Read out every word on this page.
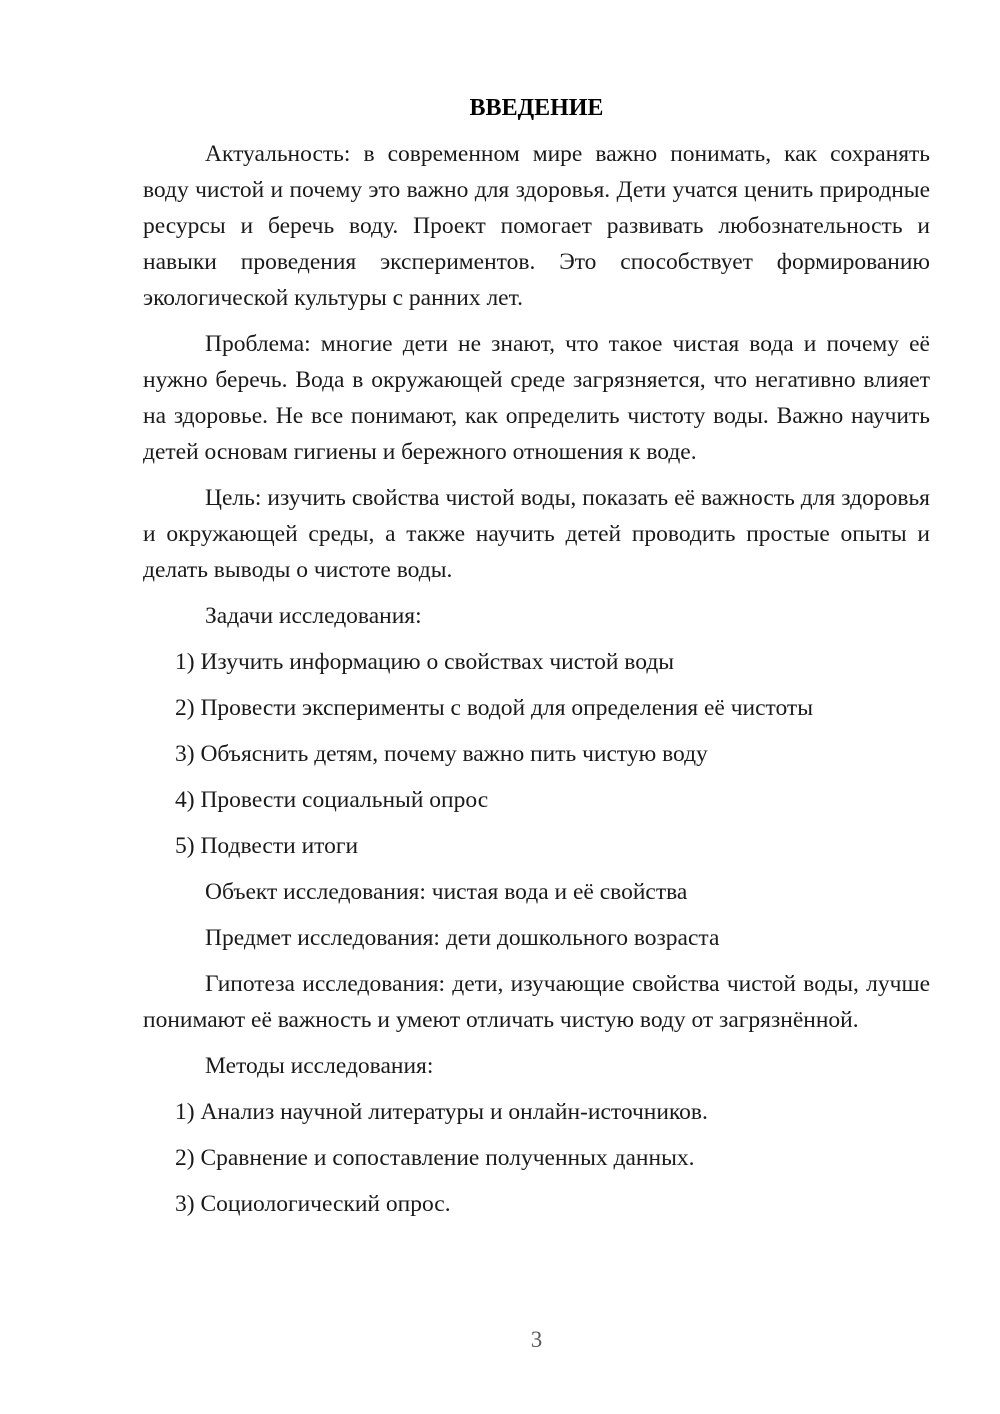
ВВЕДЕНИЕ

Актуальность: в современном мире важно понимать, как сохранять воду чистой и почему это важно для здоровья. Дети учатся ценить природные ресурсы и беречь воду. Проект помогает развивать любознательность и навыки проведения экспериментов. Это способствует формированию экологической культуры с ранних лет.

Проблема: многие дети не знают, что такое чистая вода и почему её нужно беречь. Вода в окружающей среде загрязняется, что негативно влияет на здоровье. Не все понимают, как определить чистоту воды. Важно научить детей основам гигиены и бережного отношения к воде.

Цель: изучить свойства чистой воды, показать её важность для здоровья и окружающей среды, а также научить детей проводить простые опыты и делать выводы о чистоте воды.

Задачи исследования:

1) Изучить информацию о свойствах чистой воды

2) Провести эксперименты с водой для определения её чистоты

3) Объяснить детям, почему важно пить чистую воду

4) Провести социальный опрос

5) Подвести итоги

Объект исследования: чистая вода и её свойства

Предмет исследования: дети дошкольного возраста

Гипотеза исследования: дети, изучающие свойства чистой воды, лучше понимают её важность и умеют отличать чистую воду от загрязнённой.

Методы исследования:

1) Анализ научной литературы и онлайн-источников.

2) Сравнение и сопоставление полученных данных.

3) Социологический опрос.

3
